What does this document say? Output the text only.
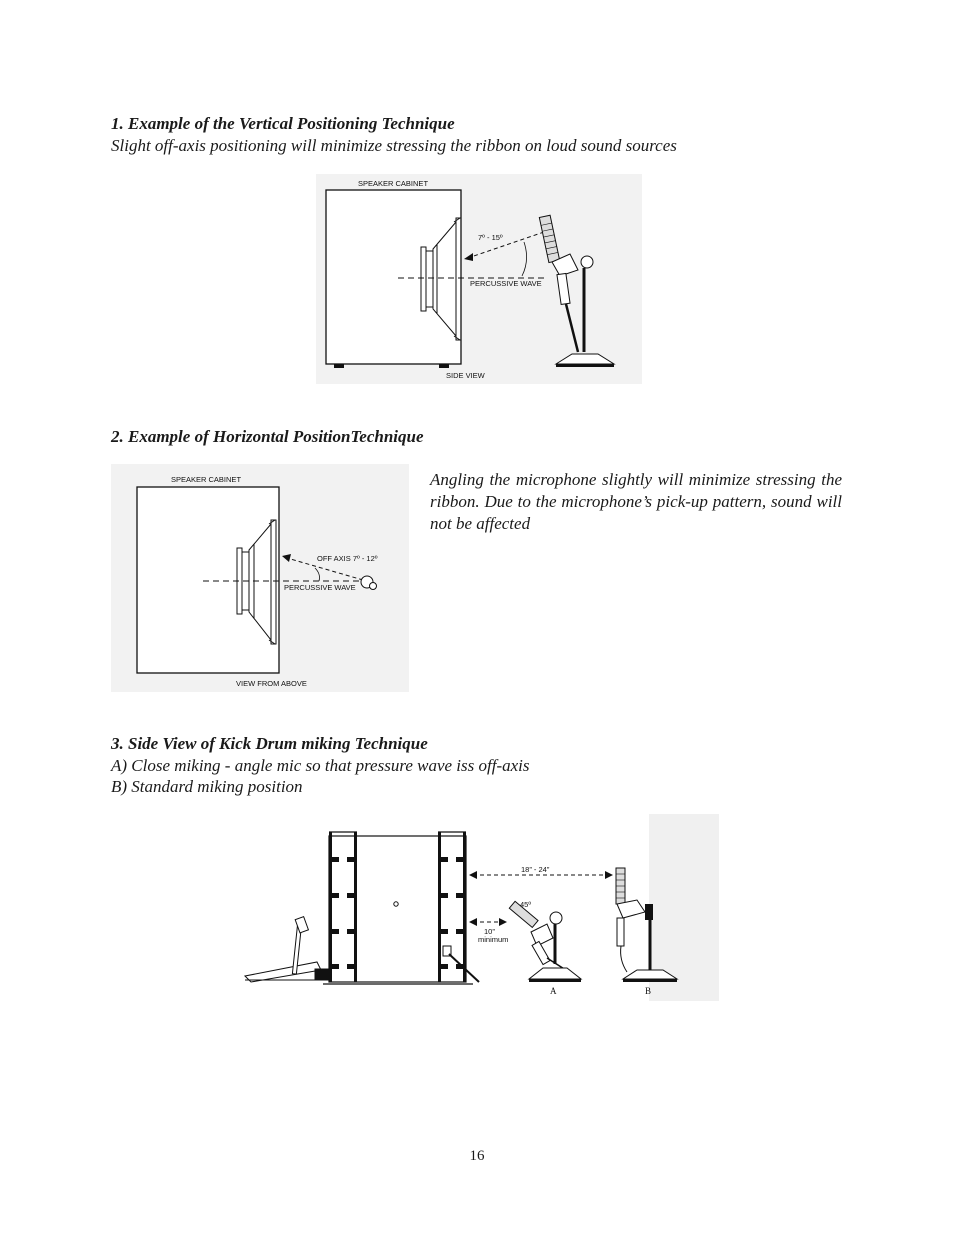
1. Example of the Vertical Positioning Technique
Slight off-axis positioning will minimize stressing the ribbon on loud sound sources
SPEAKER CABINET
7º - 15º
PERCUSSIVE WAVE
SIDE VIEW
2. Example of Horizontal PositionTechnique
SPEAKER CABINET
OFF AXIS 7º - 12º
PERCUSSIVE WAVE
VIEW FROM ABOVE
Angling the microphone slightly will minimize stressing the ribbon. Due to the microphone’s pick-up pattern, sound will not be affected
3. Side View of Kick Drum miking Technique
A) Close miking - angle mic so that pressure wave iss off-axis
B) Standard miking position
18” - 24”
10”
minimum
45º
A	B
16
